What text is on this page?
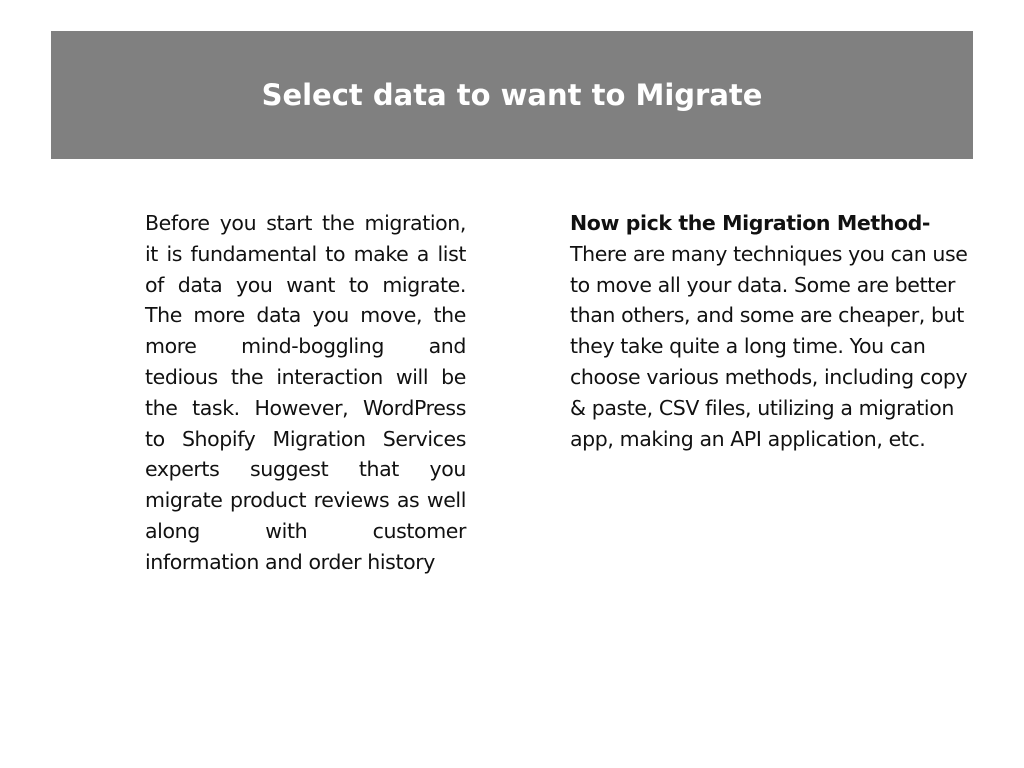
Select data to want to Migrate
Before you start the migration, it is fundamental to make a list of data you want to migrate. The more data you move, the more mind-boggling and tedious the interaction will be the task. However, WordPress to Shopify Migration Services experts suggest that you migrate product reviews as well along with customer information and order history
Now pick the Migration Method-
There are many techniques you can use to move all your data. Some are better than others, and some are cheaper, but they take quite a long time. You can choose various methods, including copy & paste, CSV files, utilizing a migration app, making an API application, etc.
